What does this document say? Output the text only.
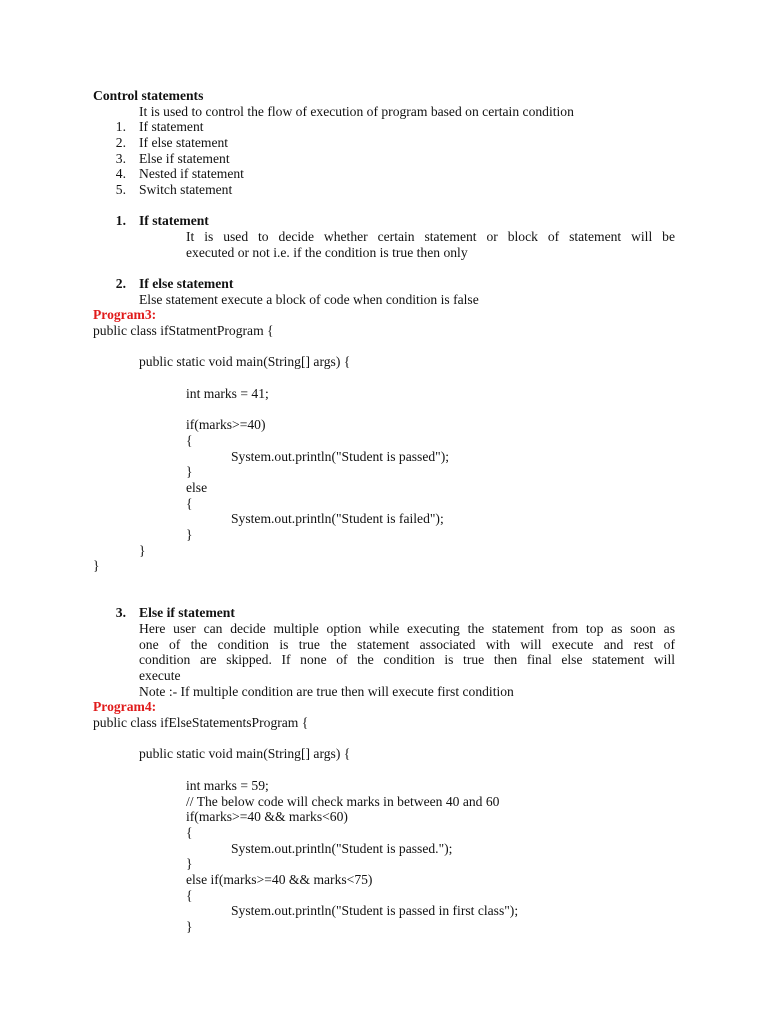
Control statements
It is used to control the flow of execution of program based on certain condition
1. If statement
2. If else statement
3. Else if statement
4. Nested if statement
5. Switch statement
1. If statement
It is used to decide whether certain statement or block of statement will be
executed or not i.e. if the condition is true then only
2. If else statement
Else statement execute a block of code when condition is false
Program3:
public class ifStatmentProgram {
public static void main(String[] args) {
int marks = 41;
if(marks>=40)
{
System.out.println("Student is passed");
}
else
{
System.out.println("Student is failed");
}
}
}
3. Else if statement
Here user can decide multiple option while executing the statement from top as soon as
one of the condition is true the statement associated with will execute and rest of
condition are skipped. If none of the condition is true then final else statement will
execute
Note :- If multiple condition are true then will execute first condition
Program4:
public class ifElseStatementsProgram {
public static void main(String[] args) {
int marks = 59;
// The below code will check marks in between 40 and 60
if(marks>=40 && marks<60)
{
System.out.println("Student is passed.");
}
else if(marks>=40 && marks<75)
{
System.out.println("Student is passed in first class");
}
